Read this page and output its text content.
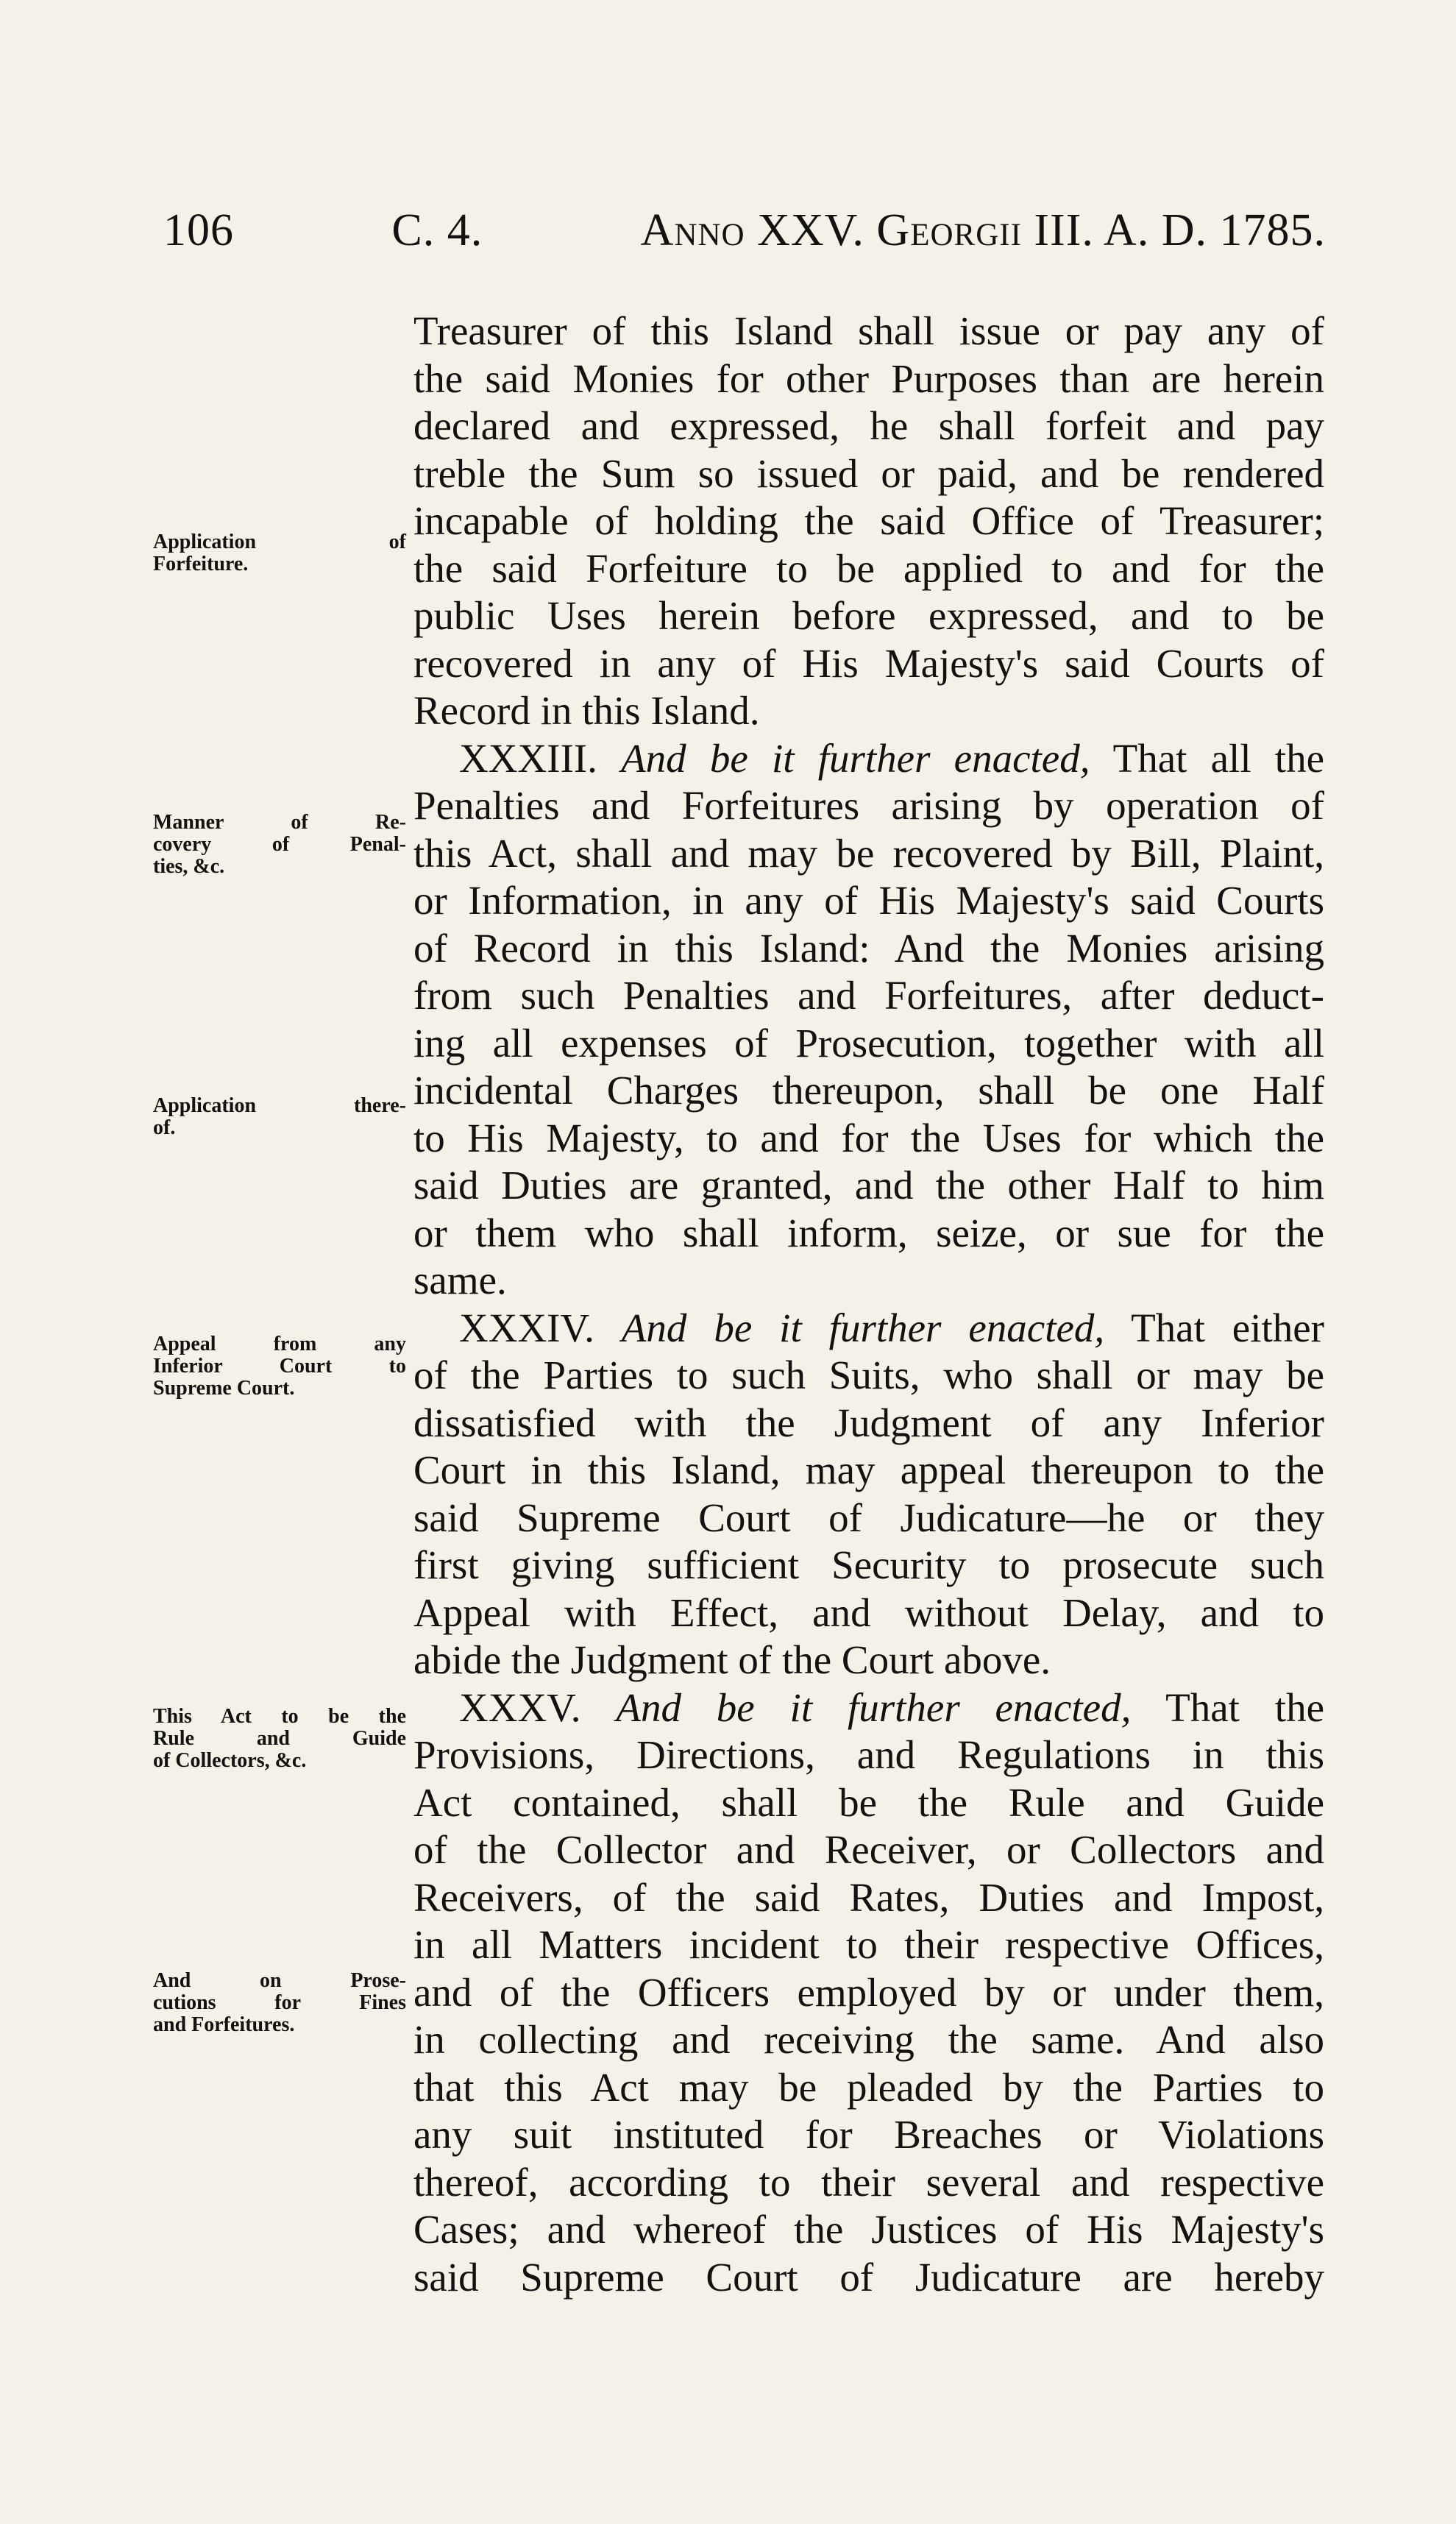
106	C. 4.	Anno XXV. Georgii III. A. D. 1785.
Treasurer of this Island shall issue or pay any of
the said Monies for other Purposes than are herein
declared and expressed, he shall forfeit and pay
treble the Sum so issued or paid, and be rendered
incapable of holding the said Office of Treasurer;
the said Forfeiture to be applied to and for the
public Uses herein before expressed, and to be
recovered in any of His Majesty's said Courts of
Record in this Island.
XXXIII. And be it further enacted, That all the
Penalties and Forfeitures arising by operation of
this Act, shall and may be recovered by Bill, Plaint,
or Information, in any of His Majesty's said Courts
of Record in this Island: And the Monies arising
from such Penalties and Forfeitures, after deduct-
ing all expenses of Prosecution, together with all
incidental Charges thereupon, shall be one Half
to His Majesty, to and for the Uses for which the
said Duties are granted, and the other Half to him
or them who shall inform, seize, or sue for the
same.
XXXIV. And be it further enacted, That either
of the Parties to such Suits, who shall or may be
dissatisfied with the Judgment of any Inferior
Court in this Island, may appeal thereupon to the
said Supreme Court of Judicature—he or they
first giving sufficient Security to prosecute such
Appeal with Effect, and without Delay, and to
abide the Judgment of the Court above.
XXXV. And be it further enacted, That the
Provisions, Directions, and Regulations in this
Act contained, shall be the Rule and Guide
of the Collector and Receiver, or Collectors and
Receivers, of the said Rates, Duties and Impost,
in all Matters incident to their respective Offices,
and of the Officers employed by or under them,
in collecting and receiving the same. And also
that this Act may be pleaded by the Parties to
any suit instituted for Breaches or Violations
thereof, according to their several and respective
Cases; and whereof the Justices of His Majesty's
said Supreme Court of Judicature are hereby
Application of
Forfeiture.
Manner of Re-
covery of Penal-
ties, &c.
Application there-
of.
Appeal from any
Inferior Court to
Supreme Court.
This Act to be the
Rule and Guide
of Collectors, &c.
And on Prose-
cutions for Fines
and Forfeitures.
